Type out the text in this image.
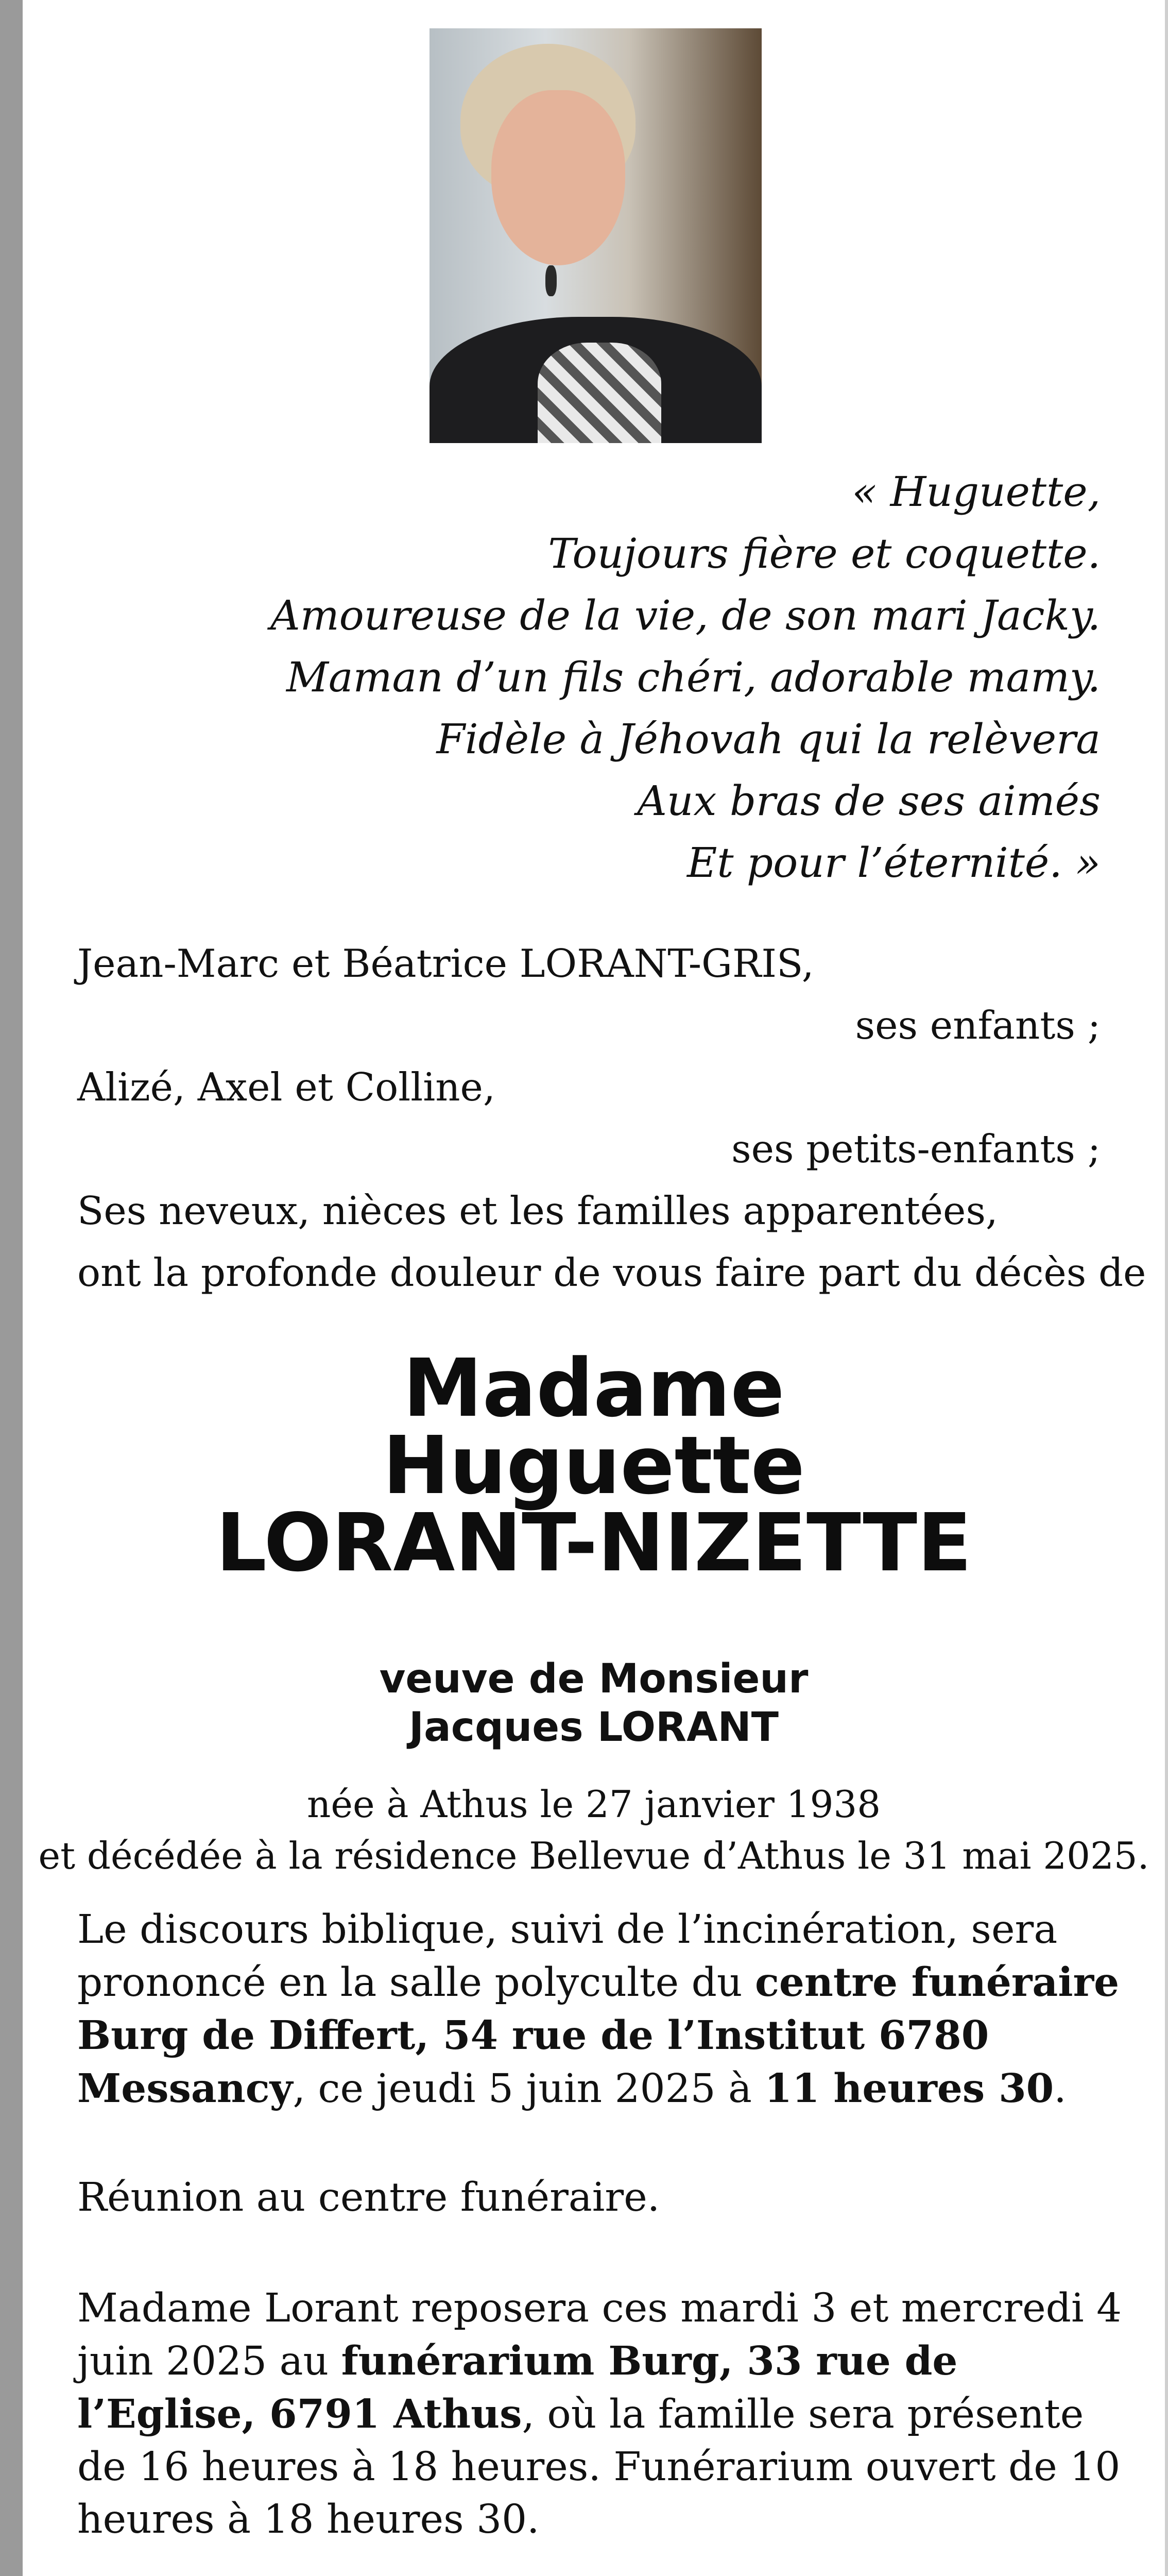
« Huguette,
Toujours fière et coquette.
Amoureuse de la vie, de son mari Jacky.
Maman d’un fils chéri, adorable mamy.
Fidèle à Jéhovah qui la relèvera
Aux bras de ses aimés
Et pour l’éternité. »
Jean-Marc et Béatrice LORANT-GRIS,
ses enfants ;
Alizé, Axel et Colline,
ses petits-enfants ;
Ses neveux, nièces et les familles apparentées,
ont la profonde douleur de vous faire part du décès de
Madame
Huguette
LORANT-NIZETTE
veuve de Monsieur
Jacques LORANT
née à Athus le 27 janvier 1938
et décédée à la résidence Bellevue d’Athus le 31 mai 2025.
Le discours biblique, suivi de l’incinération, sera prononcé en la salle polyculte du centre funéraire Burg de Differt, 54 rue de l’Institut 6780 Messancy, ce jeudi 5 juin 2025 à 11 heures 30.
Réunion au centre funéraire.
Madame Lorant reposera ces mardi 3 et mercredi 4 juin 2025 au funérarium Burg, 33 rue de l’Eglise, 6791 Athus, où la famille sera présente de 16 heures à 18 heures. Funérarium ouvert de 10 heures à 18 heures 30.
